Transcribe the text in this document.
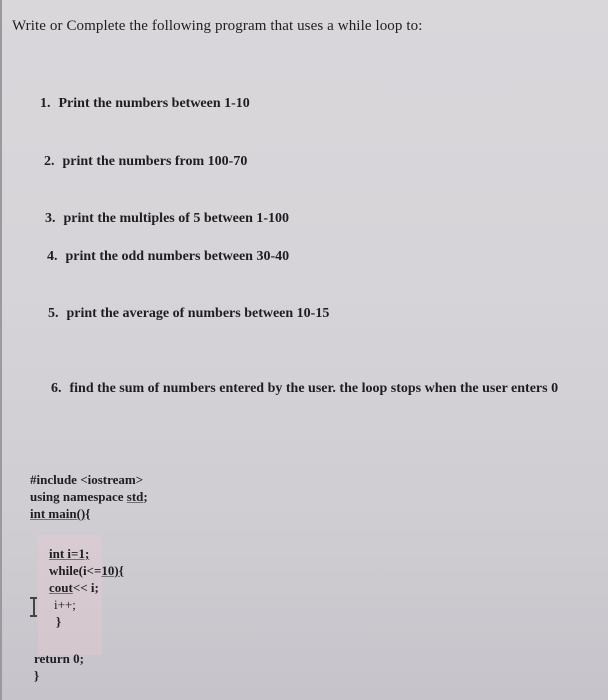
Write or Complete the following program that uses a while loop to:
1. Print the numbers between 1-10
2. print the numbers from 100-70
3. print the multiples of 5 between 1-100
4. print the odd numbers between 30-40
5. print the average of numbers between 10-15
6. find the sum of numbers entered by the user. the loop stops when the user enters 0
#include <iostream>
using namespace std;
int main(){
int i=1;
while(i<=10){
cout<< i;
i++;
}
return 0;
}
